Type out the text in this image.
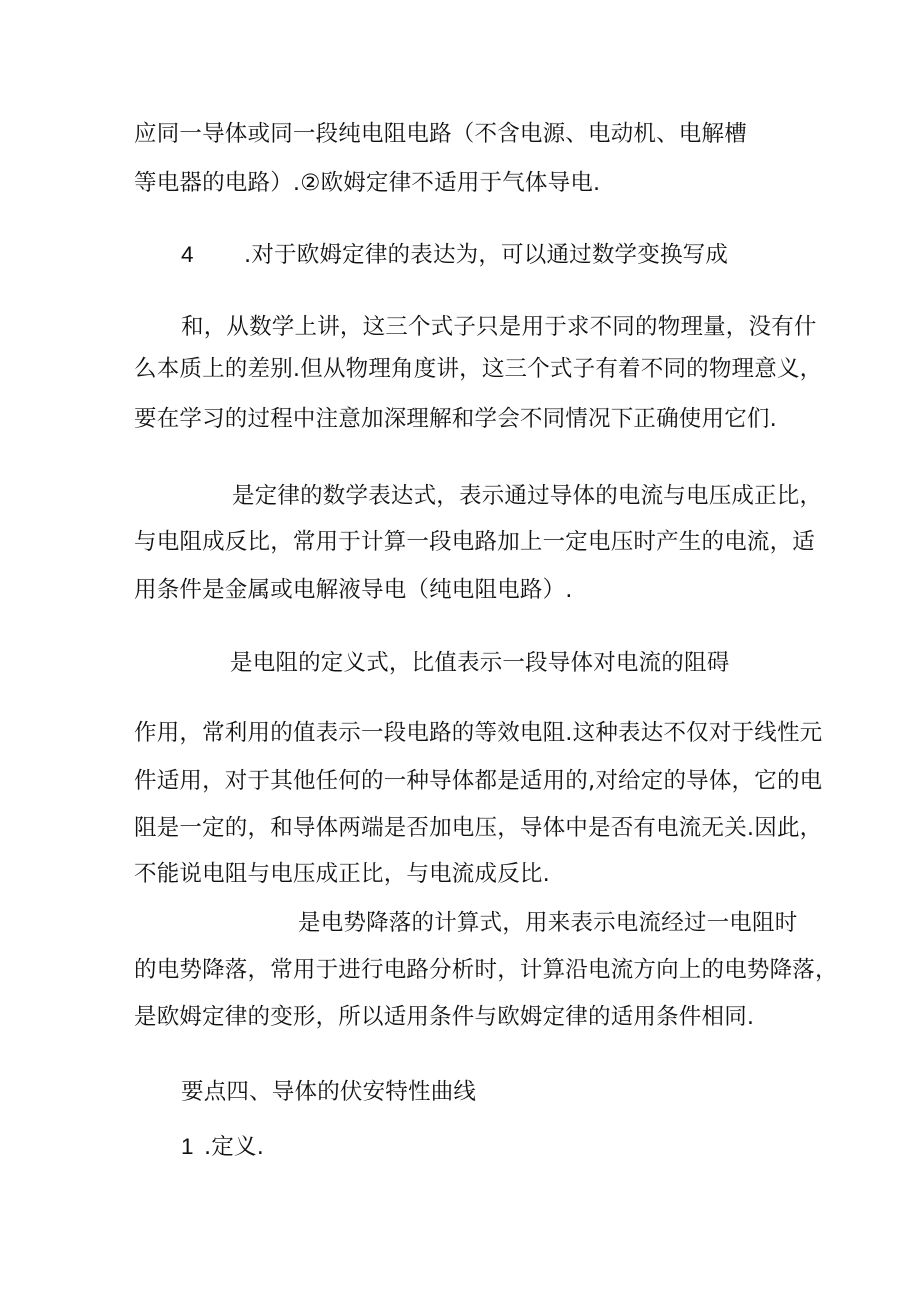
应同一导体或同一段纯电阻电路（不含电源、电动机、电解槽
等电器的电路）.②欧姆定律不适用于气体导电.
4 .对于欧姆定律的表达为，可以通过数学变换写成
和，从数学上讲，这三个式子只是用于求不同的物理量，没有什
么本质上的差别.但从物理角度讲，这三个式子有着不同的物理意义，
要在学习的过程中注意加深理解和学会不同情况下正确使用它们.
是定律的数学表达式，表示通过导体的电流与电压成正比，
与电阻成反比，常用于计算一段电路加上一定电压时产生的电流，适
用条件是金属或电解液导电（纯电阻电路）.
是电阻的定义式，比值表示一段导体对电流的阻碍
作用，常利用的值表示一段电路的等效电阻.这种表达不仅对于线性元
件适用，对于其他任何的一种导体都是适用的,对给定的导体，它的电
阻是一定的，和导体两端是否加电压，导体中是否有电流无关.因此，
不能说电阻与电压成正比，与电流成反比.
是电势降落的计算式，用来表示电流经过一电阻时
的电势降落，常用于进行电路分析时，计算沿电流方向上的电势降落，
是欧姆定律的变形，所以适用条件与欧姆定律的适用条件相同.
要点四、导体的伏安特性曲线
1 .定义.
